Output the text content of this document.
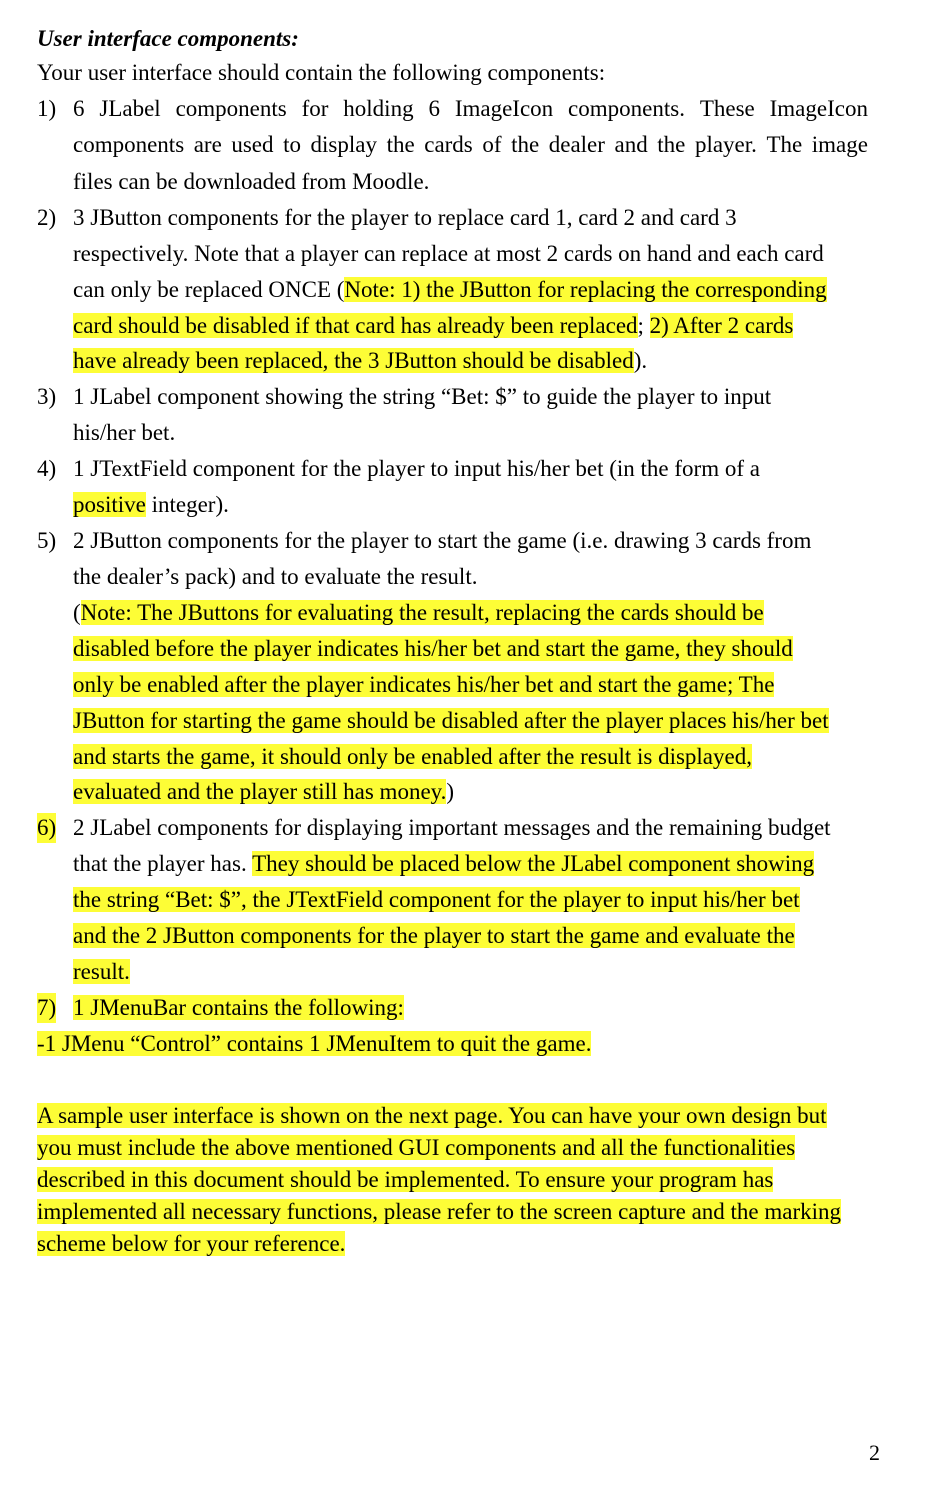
User interface components:
Your user interface should contain the following components:
1) 6 JLabel components for holding 6 ImageIcon components. These ImageIcon
components are used to display the cards of the dealer and the player. The image
files can be downloaded from Moodle.
2) 3 JButton components for the player to replace card 1, card 2 and card 3
respectively. Note that a player can replace at most 2 cards on hand and each card
can only be replaced ONCE (Note: 1) the JButton for replacing the corresponding
card should be disabled if that card has already been replaced; 2) After 2 cards
have already been replaced, the 3 JButton should be disabled).
3) 1 JLabel component showing the string “Bet: $” to guide the player to input
his/her bet.
4) 1 JTextField component for the player to input his/her bet (in the form of a
positive integer).
5) 2 JButton components for the player to start the game (i.e. drawing 3 cards from
the dealer’s pack) and to evaluate the result.
(Note: The JButtons for evaluating the result, replacing the cards should be
disabled before the player indicates his/her bet and start the game, they should
only be enabled after the player indicates his/her bet and start the game; The
JButton for starting the game should be disabled after the player places his/her bet
and starts the game, it should only be enabled after the result is displayed,
evaluated and the player still has money.)
6) 2 JLabel components for displaying important messages and the remaining budget
that the player has. They should be placed below the JLabel component showing
the string “Bet: $”, the JTextField component for the player to input his/her bet
and the 2 JButton components for the player to start the game and evaluate the
result.
7) 1 JMenuBar contains the following:
-1 JMenu “Control” contains 1 JMenuItem to quit the game.
A sample user interface is shown on the next page. You can have your own design but
you must include the above mentioned GUI components and all the functionalities
described in this document should be implemented. To ensure your program has
implemented all necessary functions, please refer to the screen capture and the marking
scheme below for your reference.
2
